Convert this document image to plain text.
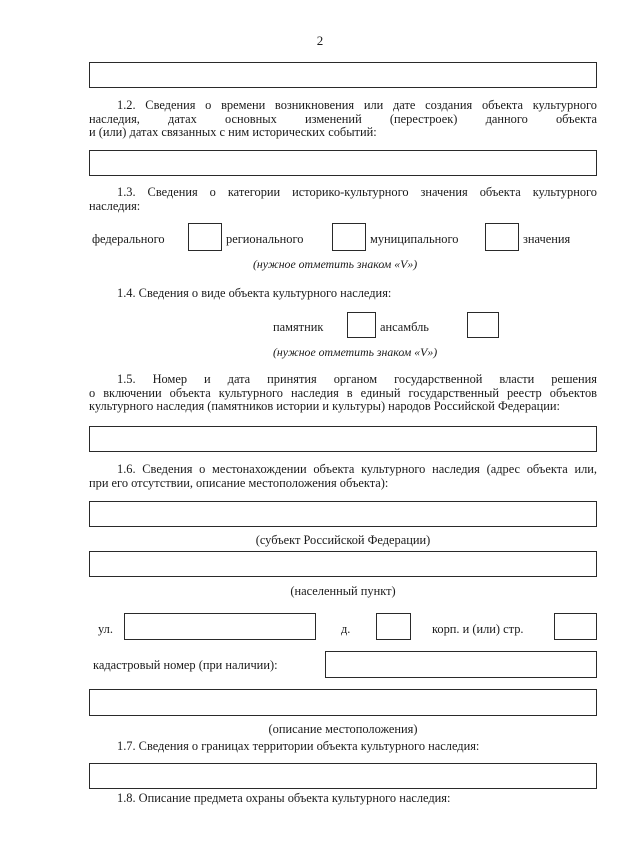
2
1.2. Сведения о времени возникновения или дате создания объекта культурного
наследия, датах основных изменений (перестроек) данного объекта
и (или) датах связанных с ним исторических событий:
1.3. Сведения о категории историко-культурного значения объекта культурного
наследия:
федерального	регионального	муниципального	значения
(нужное отметить знаком «V»)
1.4. Сведения о виде объекта культурного наследия:
памятник	ансамбль
(нужное отметить знаком «V»)
1.5. Номер и дата принятия органом государственной власти решения
о включении объекта культурного наследия в единый государственный реестр объектов
культурного наследия (памятников истории и культуры) народов Российской Федерации:
1.6. Сведения о местонахождении объекта культурного наследия (адрес объекта или,
при его отсутствии, описание местоположения объекта):
(субъект Российской Федерации)
(населенный пункт)
ул.	д.	корп. и (или) стр.
кадастровый номер (при наличии):
(описание местоположения)
1.7. Сведения о границах территории объекта культурного наследия:
1.8. Описание предмета охраны объекта культурного наследия:
